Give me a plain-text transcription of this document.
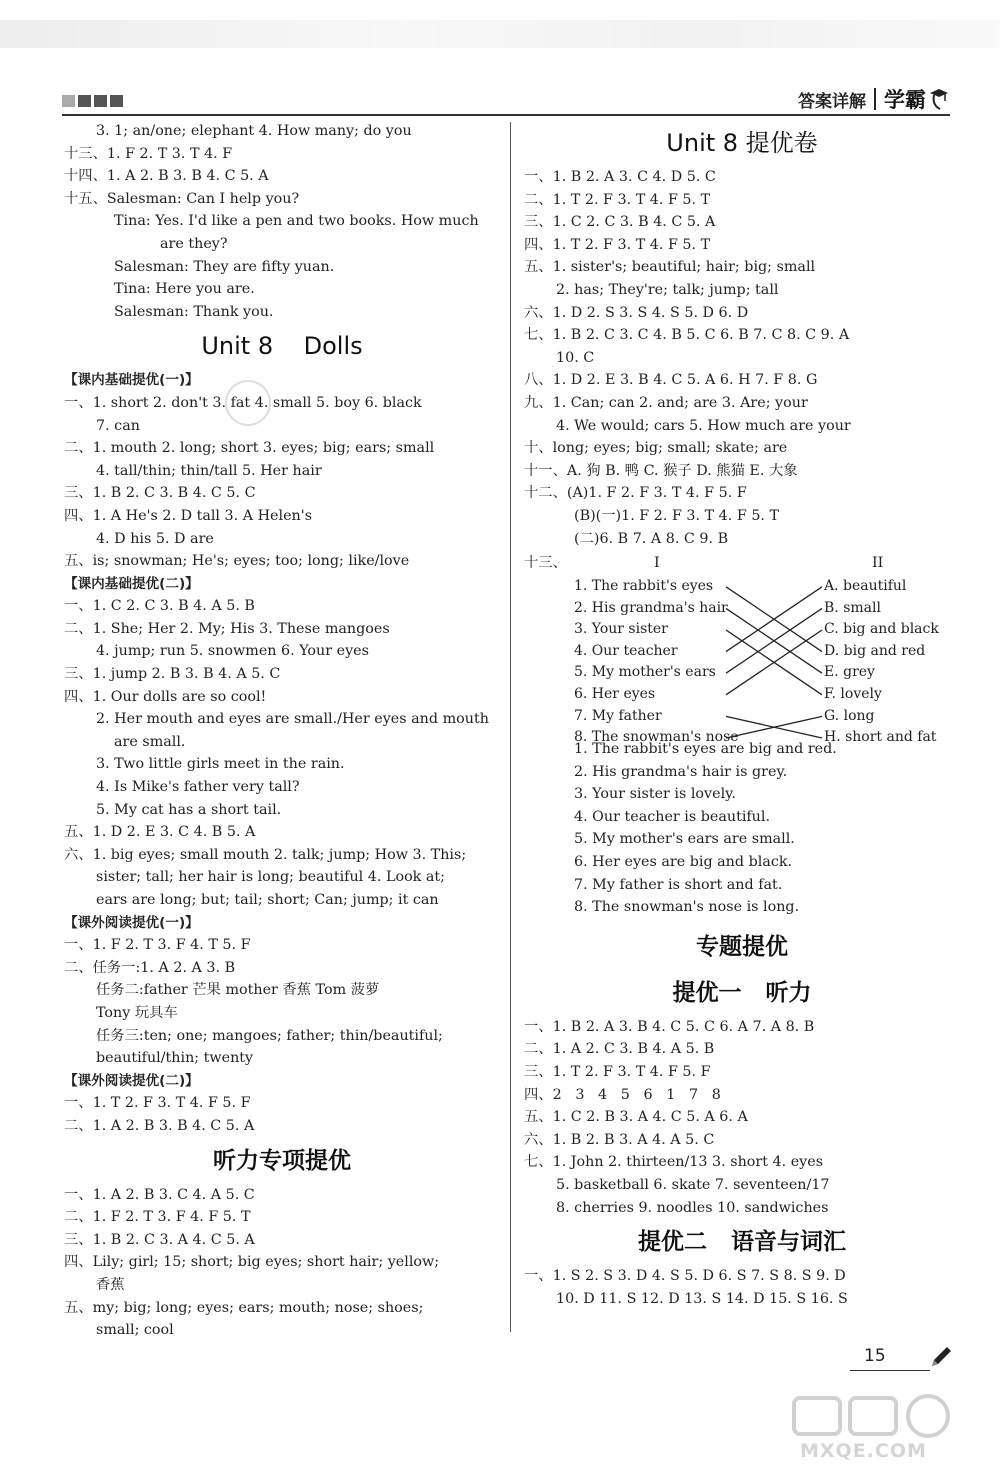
答案详解 学霸
3. 1; an/one; elephant 4. How many; do you
十三、1. F 2. T 3. T 4. F
十四、1. A 2. B 3. B 4. C 5. A
十五、Salesman: Can I help you?
Tina: Yes. I'd like a pen and two books. How much
are they?
Salesman: They are fifty yuan.
Tina: Here you are.
Salesman: Thank you.
Unit 8    Dolls
【课内基础提优(一)】
一、1. short 2. don't 3. fat 4. small 5. boy 6. black
7. can
二、1. mouth 2. long; short 3. eyes; big; ears; small
4. tall/thin; thin/tall 5. Her hair
三、1. B 2. C 3. B 4. C 5. C
四、1. A He's 2. D tall 3. A Helen's
4. D his 5. D are
五、is; snowman; He's; eyes; too; long; like/love
【课内基础提优(二)】
一、1. C 2. C 3. B 4. A 5. B
二、1. She; Her 2. My; His 3. These mangoes
4. jump; run 5. snowmen 6. Your eyes
三、1. jump 2. B 3. B 4. A 5. C
四、1. Our dolls are so cool!
2. Her mouth and eyes are small./Her eyes and mouth
are small.
3. Two little girls meet in the rain.
4. Is Mike's father very tall?
5. My cat has a short tail.
五、1. D 2. E 3. C 4. B 5. A
六、1. big eyes; small mouth 2. talk; jump; How 3. This;
sister; tall; her hair is long; beautiful 4. Look at;
ears are long; but; tail; short; Can; jump; it can
【课外阅读提优(一)】
一、1. F 2. T 3. F 4. T 5. F
二、任务一:1. A 2. A 3. B
任务二:father 芒果 mother 香蕉 Tom 菠萝
Tony 玩具车
任务三:ten; one; mangoes; father; thin/beautiful;
beautiful/thin; twenty
【课外阅读提优(二)】
一、1. T 2. F 3. T 4. F 5. F
二、1. A 2. B 3. B 4. C 5. A
听力专项提优
一、1. A 2. B 3. C 4. A 5. C
二、1. F 2. T 3. F 4. F 5. T
三、1. B 2. C 3. A 4. C 5. A
四、Lily; girl; 15; short; big eyes; short hair; yellow;
香蕉
五、my; big; long; eyes; ears; mouth; nose; shoes;
small; cool
Unit 8 提优卷
一、1. B 2. A 3. C 4. D 5. C
二、1. T 2. F 3. T 4. F 5. T
三、1. C 2. C 3. B 4. C 5. A
四、1. T 2. F 3. T 4. F 5. T
五、1. sister's; beautiful; hair; big; small
2. has; They're; talk; jump; tall
六、1. D 2. S 3. S 4. S 5. D 6. D
七、1. B 2. C 3. C 4. B 5. C 6. B 7. C 8. C 9. A
10. C
八、1. D 2. E 3. B 4. C 5. A 6. H 7. F 8. G
九、1. Can; can 2. and; are 3. Are; your
4. We would; cars 5. How much are your
十、long; eyes; big; small; skate; are
十一、A. 狗 B. 鸭 C. 猴子 D. 熊猫 E. 大象
十二、(A)1. F 2. F 3. T 4. F 5. F
(B)(一)1. F 2. F 3. T 4. F 5. T
(二)6. B 7. A 8. C 9. B
十三、	I	II
1. The rabbit's eyes
2. His grandma's hair
3. Your sister
4. Our teacher
5. My mother's ears
6. Her eyes
7. My father
8. The snowman's nose
A. beautiful
B. small
C. big and black
D. big and red
E. grey
F. lovely
G. long
H. short and fat
1. The rabbit's eyes are big and red.
2. His grandma's hair is grey.
3. Your sister is lovely.
4. Our teacher is beautiful.
5. My mother's ears are small.
6. Her eyes are big and black.
7. My father is short and fat.
8. The snowman's nose is long.
专题提优
提优一   听力
一、1. B 2. A 3. B 4. C 5. C 6. A 7. A 8. B
二、1. A 2. C 3. B 4. A 5. B
三、1. T 2. F 3. T 4. F 5. F
四、2   3   4   5   6   1   7   8
五、1. C 2. B 3. A 4. C 5. A 6. A
六、1. B 2. B 3. A 4. A 5. C
七、1. John 2. thirteen/13 3. short 4. eyes
5. basketball 6. skate 7. seventeen/17
8. cherries 9. noodles 10. sandwiches
提优二   语音与词汇
一、1. S 2. S 3. D 4. S 5. D 6. S 7. S 8. S 9. D
10. D 11. S 12. D 13. S 14. D 15. S 16. S
15
MXQE.COM
